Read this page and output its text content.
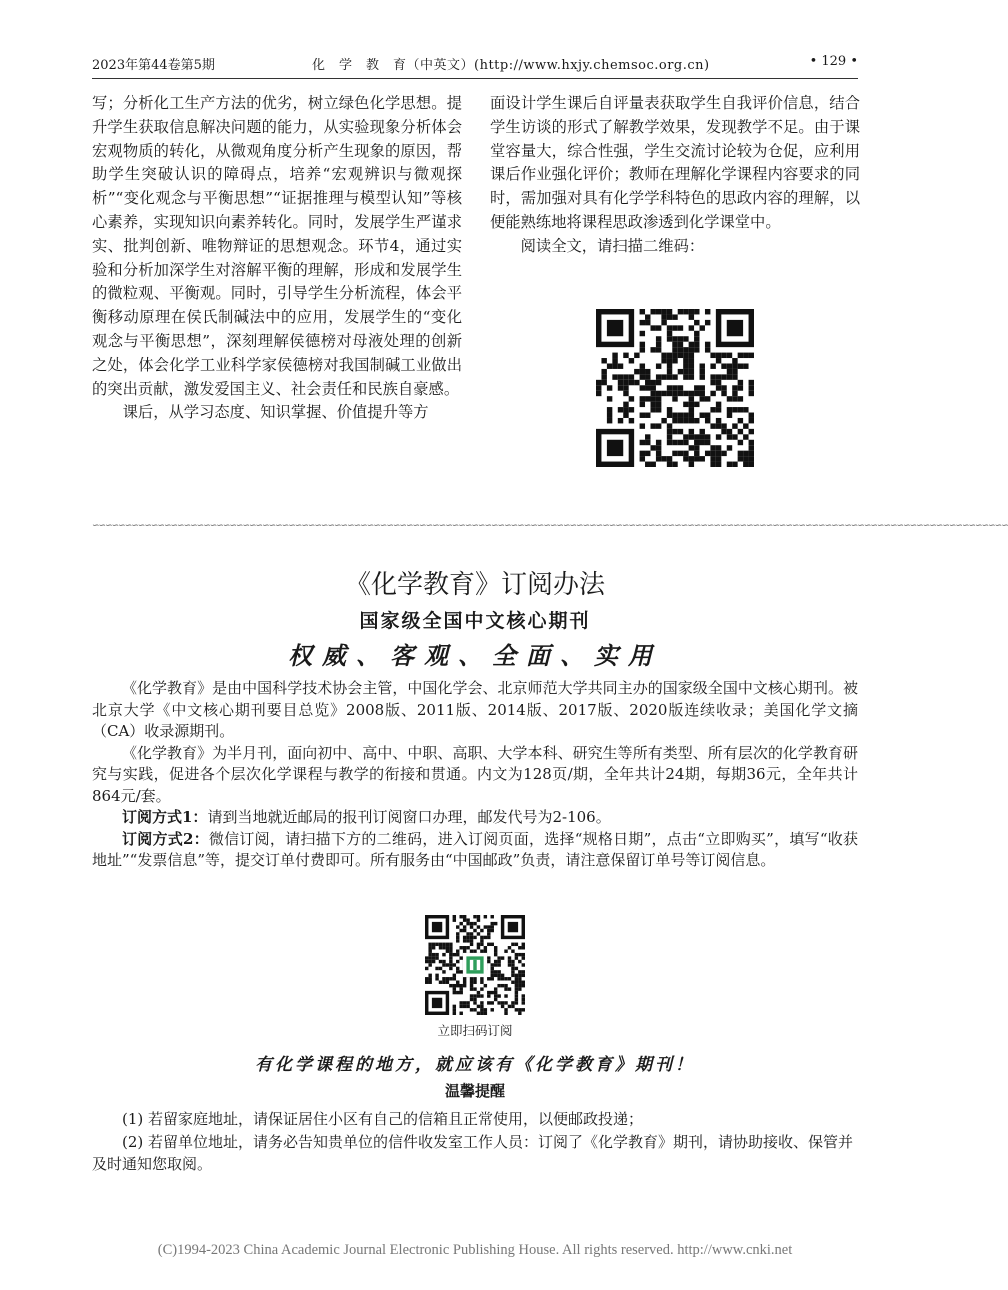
2023年第44卷第5期	化　学　教　育（中英文）(http://www.hxjy.chemsoc.org.cn)	• 129 •

写；分析化工生产方法的优劣，树立绿色化学思想。提升学生获取信息解决问题的能力，从实验现象分析体会宏观物质的转化，从微观角度分析产生现象的原因，帮助学生突破认识的障碍点，培养“宏观辨识与微观探析”“变化观念与平衡思想”“证据推理与模型认知”等核心素养，实现知识向素养转化。同时，发展学生严谨求实、批判创新、唯物辩证的思想观念。环节4，通过实验和分析加深学生对溶解平衡的理解，形成和发展学生的微粒观、平衡观。同时，引导学生分析流程，体会平衡移动原理在侯氏制碱法中的应用，发展学生的“变化观念与平衡思想”，深刻理解侯德榜对母液处理的创新之处，体会化学工业科学家侯德榜对我国制碱工业做出的突出贡献，激发爱国主义、社会责任和民族自豪感。

课后，从学习态度、知识掌握、价值提升等方

面设计学生课后自评量表获取学生自我评价信息，结合学生访谈的形式了解教学效果，发现教学不足。由于课堂容量大，综合性强，学生交流讨论较为仓促，应利用课后作业强化评价；教师在理解化学课程内容要求的同时，需加强对具有化学学科特色的思政内容的理解，以便能熟练地将课程思政渗透到化学课堂中。

阅读全文，请扫描二维码：

∽∽∽∽∽∽∽∽∽∽∽∽∽∽∽∽∽∽∽∽∽∽∽∽∽∽∽∽∽∽∽∽∽∽∽∽∽∽∽∽∽∽∽∽∽∽∽∽∽∽∽∽∽∽∽∽∽∽∽∽∽∽∽∽∽∽∽∽∽∽∽∽∽∽∽∽∽∽∽∽∽∽∽∽∽∽∽∽∽∽∽∽∽∽∽∽∽∽∽∽∽∽∽∽∽∽∽∽∽∽∽∽∽∽∽∽∽∽∽∽∽∽∽∽∽∽∽∽∽∽∽∽∽∽∽∽∽∽∽∽
《化学教育》订阅办法
国家级全国中文核心期刊
权威、客观、全面、实用

《化学教育》是由中国科学技术协会主管，中国化学会、北京师范大学共同主办的国家级全国中文核心期刊。被北京大学《中文核心期刊要目总览》2008版、2011版、2014版、2017版、2020版连续收录；美国化学文摘（CA）收录源期刊。

《化学教育》为半月刊，面向初中、高中、中职、高职、大学本科、研究生等所有类型、所有层次的化学教育研究与实践，促进各个层次化学课程与教学的衔接和贯通。内文为128页/期，全年共计24期，每期36元，全年共计864元/套。

订阅方式1：请到当地就近邮局的报刊订阅窗口办理，邮发代号为2-106。

订阅方式2：微信订阅，请扫描下方的二维码，进入订阅页面，选择“规格日期”，点击“立即购买”，填写“收获地址”“发票信息”等，提交订单付费即可。所有服务由“中国邮政”负责，请注意保留订单号等订阅信息。

立即扫码订阅
有化学课程的地方，就应该有《化学教育》期刊！
温馨提醒

(1) 若留家庭地址，请保证居住小区有自己的信箱且正常使用，以便邮政投递；

(2) 若留单位地址，请务必告知贵单位的信件收发室工作人员：订阅了《化学教育》期刊，请协助接收、保管并及时通知您取阅。

(C)1994-2023 China Academic Journal Electronic Publishing House. All rights reserved. http://www.cnki.net
